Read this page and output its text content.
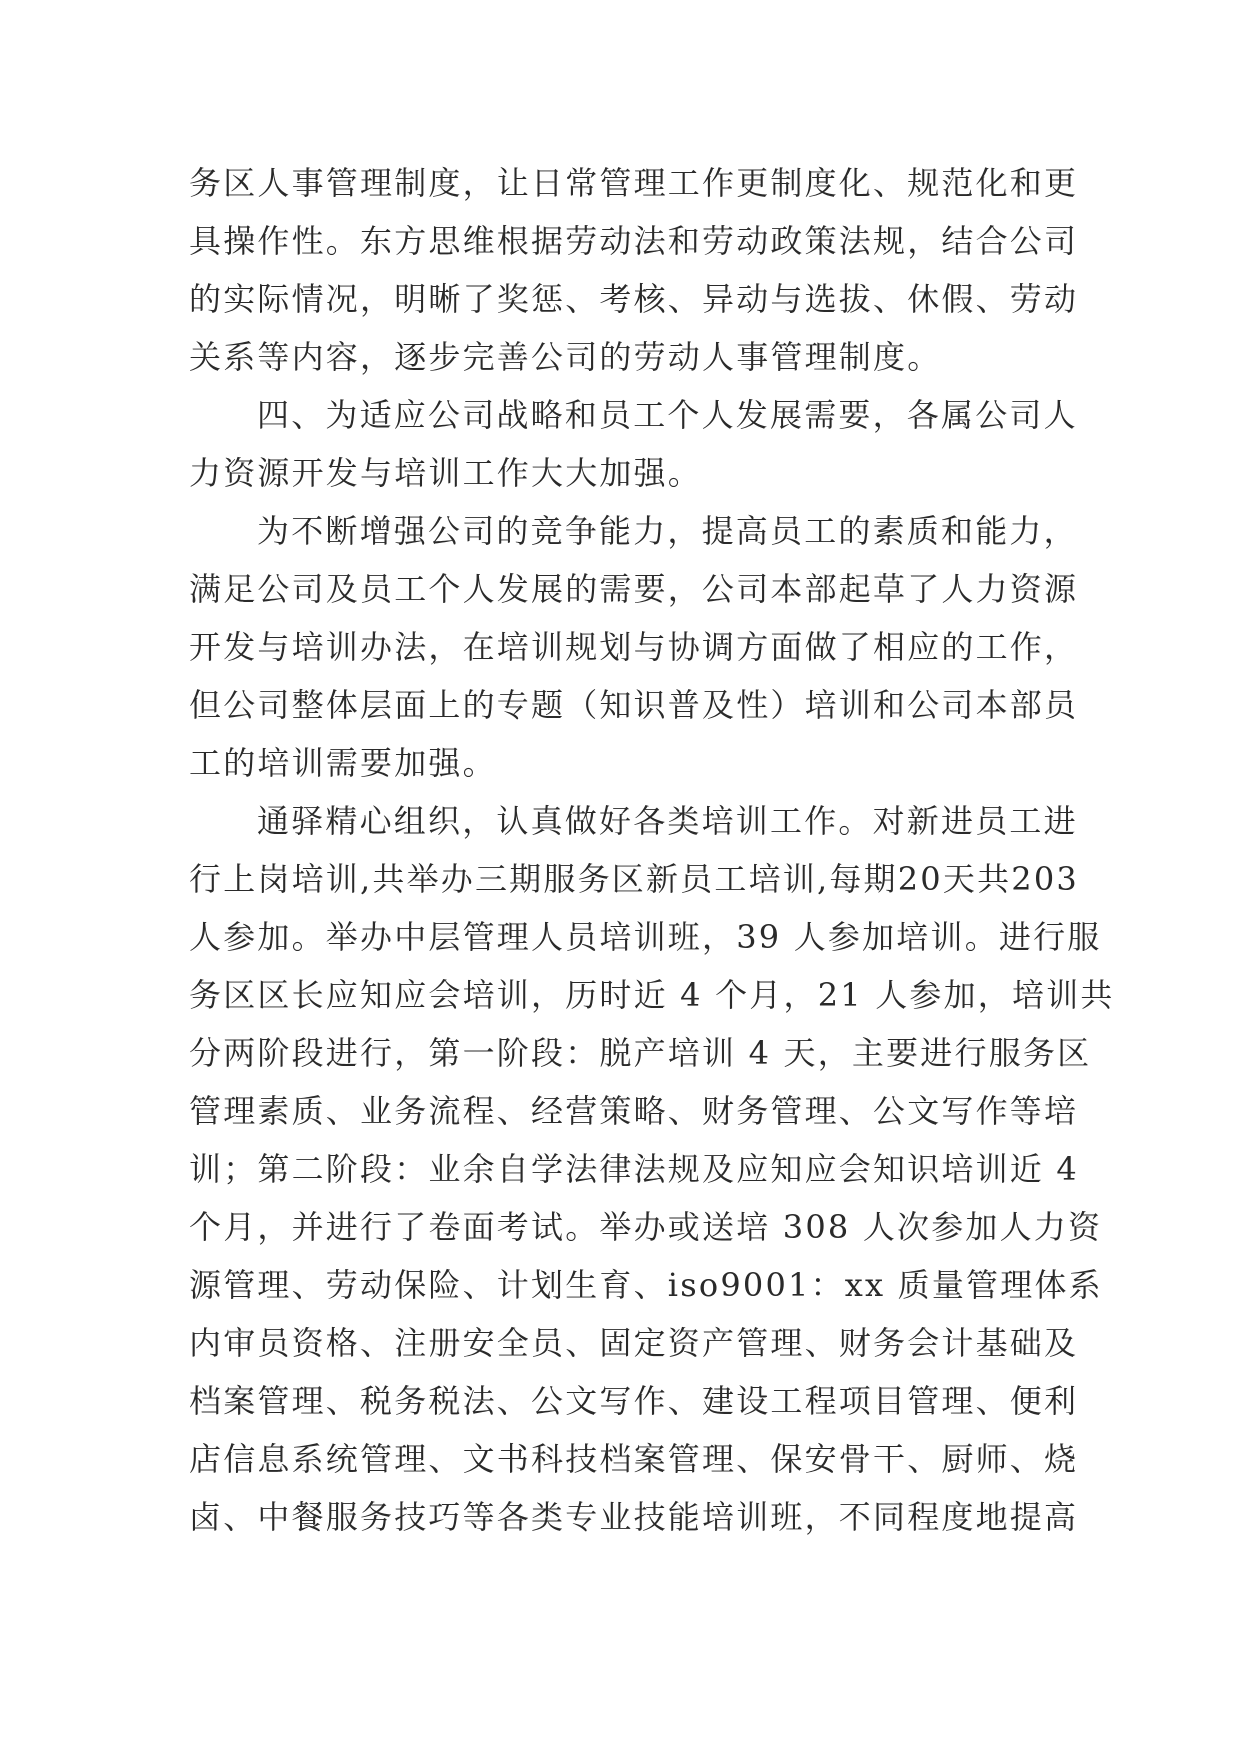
务区人事管理制度，让日常管理工作更制度化、规范化和更
具操作性。东方思维根据劳动法和劳动政策法规，结合公司
的实际情况，明晰了奖惩、考核、异动与选拔、休假、劳动
关系等内容，逐步完善公司的劳动人事管理制度。
四、为适应公司战略和员工个人发展需要，各属公司人
力资源开发与培训工作大大加强。
为不断增强公司的竞争能力，提高员工的素质和能力，
满足公司及员工个人发展的需要，公司本部起草了人力资源
开发与培训办法，在培训规划与协调方面做了相应的工作，
但公司整体层面上的专题（知识普及性）培训和公司本部员
工的培训需要加强。
通驿精心组织，认真做好各类培训工作。对新进员工进
行上岗培训,共举办三期服务区新员工培训,每期20天共203
人参加。举办中层管理人员培训班，39 人参加培训。进行服
务区区长应知应会培训，历时近 4 个月，21 人参加，培训共
分两阶段进行，第一阶段：脱产培训 4 天，主要进行服务区
管理素质、业务流程、经营策略、财务管理、公文写作等培
训；第二阶段：业余自学法律法规及应知应会知识培训近 4
个月，并进行了卷面考试。举办或送培 308 人次参加人力资
源管理、劳动保险、计划生育、iso9001：xx 质量管理体系
内审员资格、注册安全员、固定资产管理、财务会计基础及
档案管理、税务税法、公文写作、建设工程项目管理、便利
店信息系统管理、文书科技档案管理、保安骨干、厨师、烧
卤、中餐服务技巧等各类专业技能培训班，不同程度地提高
